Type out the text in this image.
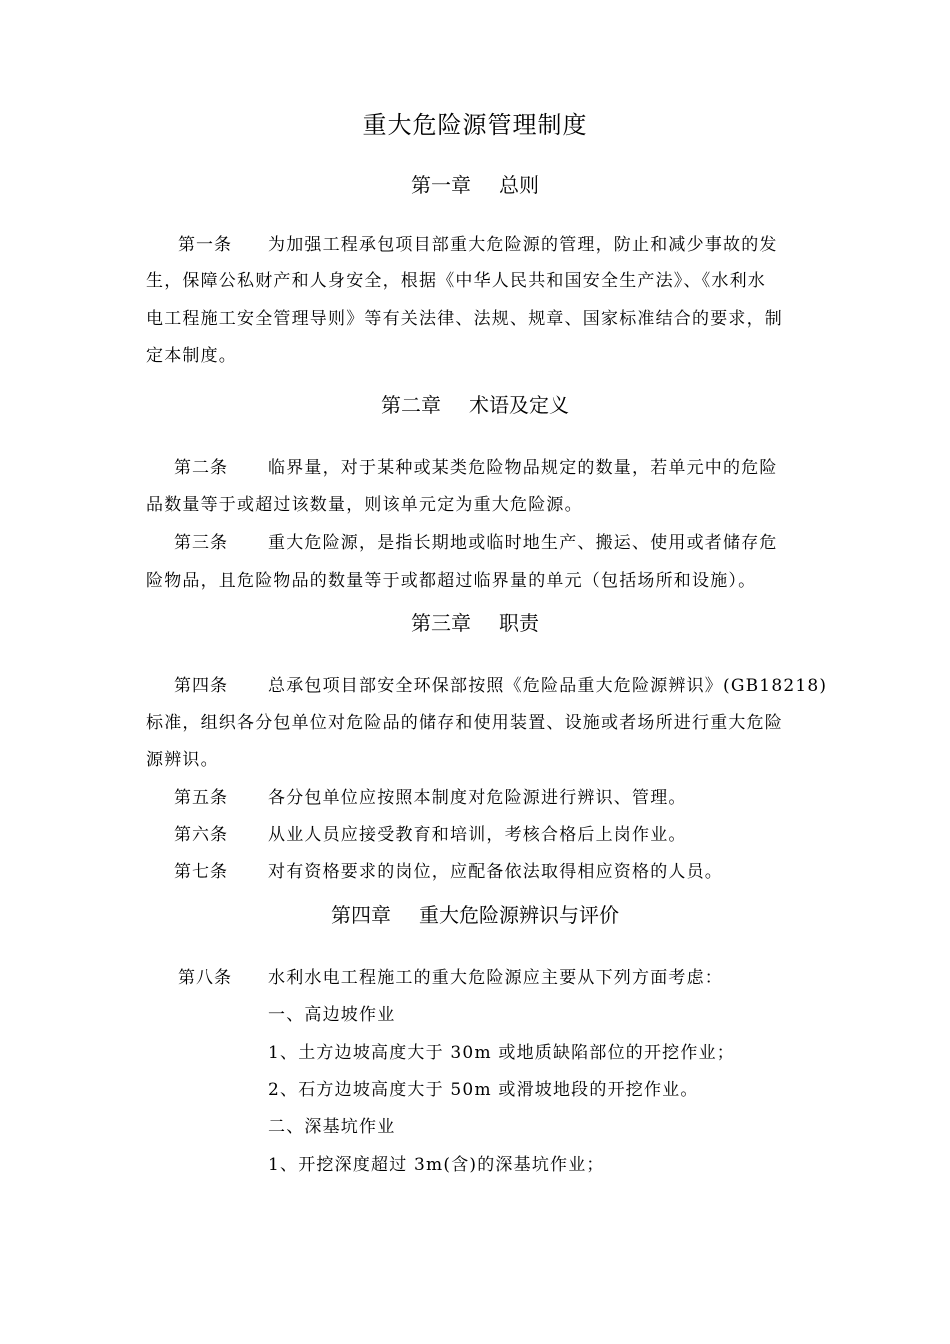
重大危险源管理制度
第一章 总则
第一条 为加强工程承包项目部重大危险源的管理，防止和减少事故的发
生，保障公私财产和人身安全，根据《中华人民共和国安全生产法》、《水利水
电工程施工安全管理导则》等有关法律、法规、规章、国家标准结合的要求，制
定本制度。
第二章 术语及定义
第二条 临界量，对于某种或某类危险物品规定的数量，若单元中的危险
品数量等于或超过该数量，则该单元定为重大危险源。
第三条 重大危险源，是指长期地或临时地生产、搬运、使用或者储存危
险物品，且危险物品的数量等于或都超过临界量的单元（包括场所和设施）。
第三章 职责
第四条 总承包项目部安全环保部按照《危险品重大危险源辨识》(GB18218)
标准，组织各分包单位对危险品的储存和使用装置、设施或者场所进行重大危险
源辨识。
第五条 各分包单位应按照本制度对危险源进行辨识、管理。
第六条 从业人员应接受教育和培训，考核合格后上岗作业。
第七条 对有资格要求的岗位，应配备依法取得相应资格的人员。
第四章 重大危险源辨识与评价
第八条 水利水电工程施工的重大危险源应主要从下列方面考虑：
一、高边坡作业
1、土方边坡高度大于 30m 或地质缺陷部位的开挖作业；
2、石方边坡高度大于 50m 或滑坡地段的开挖作业。
二、深基坑作业
1、开挖深度超过 3m(含)的深基坑作业；
